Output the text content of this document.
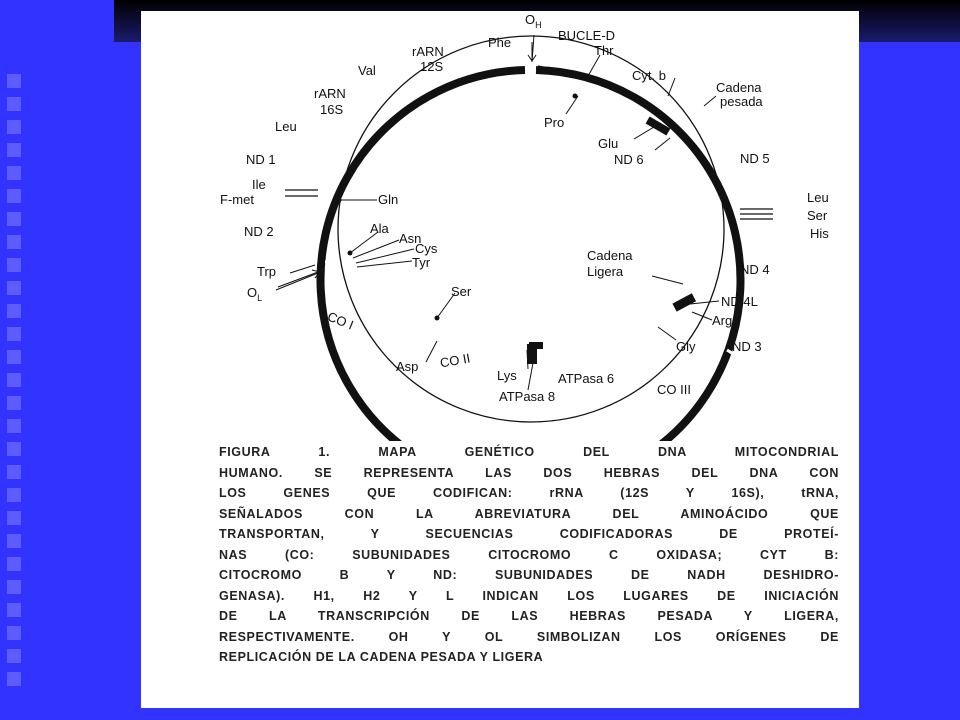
$O_H$
BUCLE-D
Phe
Thr
Cyt. b
Cadena
pesada
rARN
12S
Val
rARN
16S
Pro
Leu
Glu
ND 6	ND 5
ND 1
Ile
F-met	Gln	Leu
Ser
His
Ala
ND 2	Asn
Cys
Tyr	Cadena
Ligera	ND 4
Trp
$O_L$	Ser
ND 4L
Arg
CO I
Gly	ND 3
CO II
Asp
Lys	ATPasa 6
CO III
ATPasa 8
FIGURA 1. MAPA GENÉTICO DEL DNA MITOCONDRIAL
HUMANO. SE REPRESENTA LAS DOS HEBRAS DEL DNA CON
LOS GENES QUE CODIFICAN: rRNA (12S Y 16S), tRNA,
SEÑALADOS CON LA ABREVIATURA DEL AMINOÁCIDO QUE
TRANSPORTAN, Y SECUENCIAS CODIFICADORAS DE PROTEÍ-
NAS (CO: SUBUNIDADES CITOCROMO C OXIDASA; CYT B:
CITOCROMO B Y ND: SUBUNIDADES DE NADH DESHIDRO-
GENASA). H1, H2 Y L INDICAN LOS LUGARES DE INICIACIÓN
DE LA TRANSCRIPCIÓN DE LAS HEBRAS PESADA Y LIGERA,
RESPECTIVAMENTE. OH Y OL SIMBOLIZAN LOS ORÍGENES DE
REPLICACIÓN DE LA CADENA PESADA Y LIGERA
